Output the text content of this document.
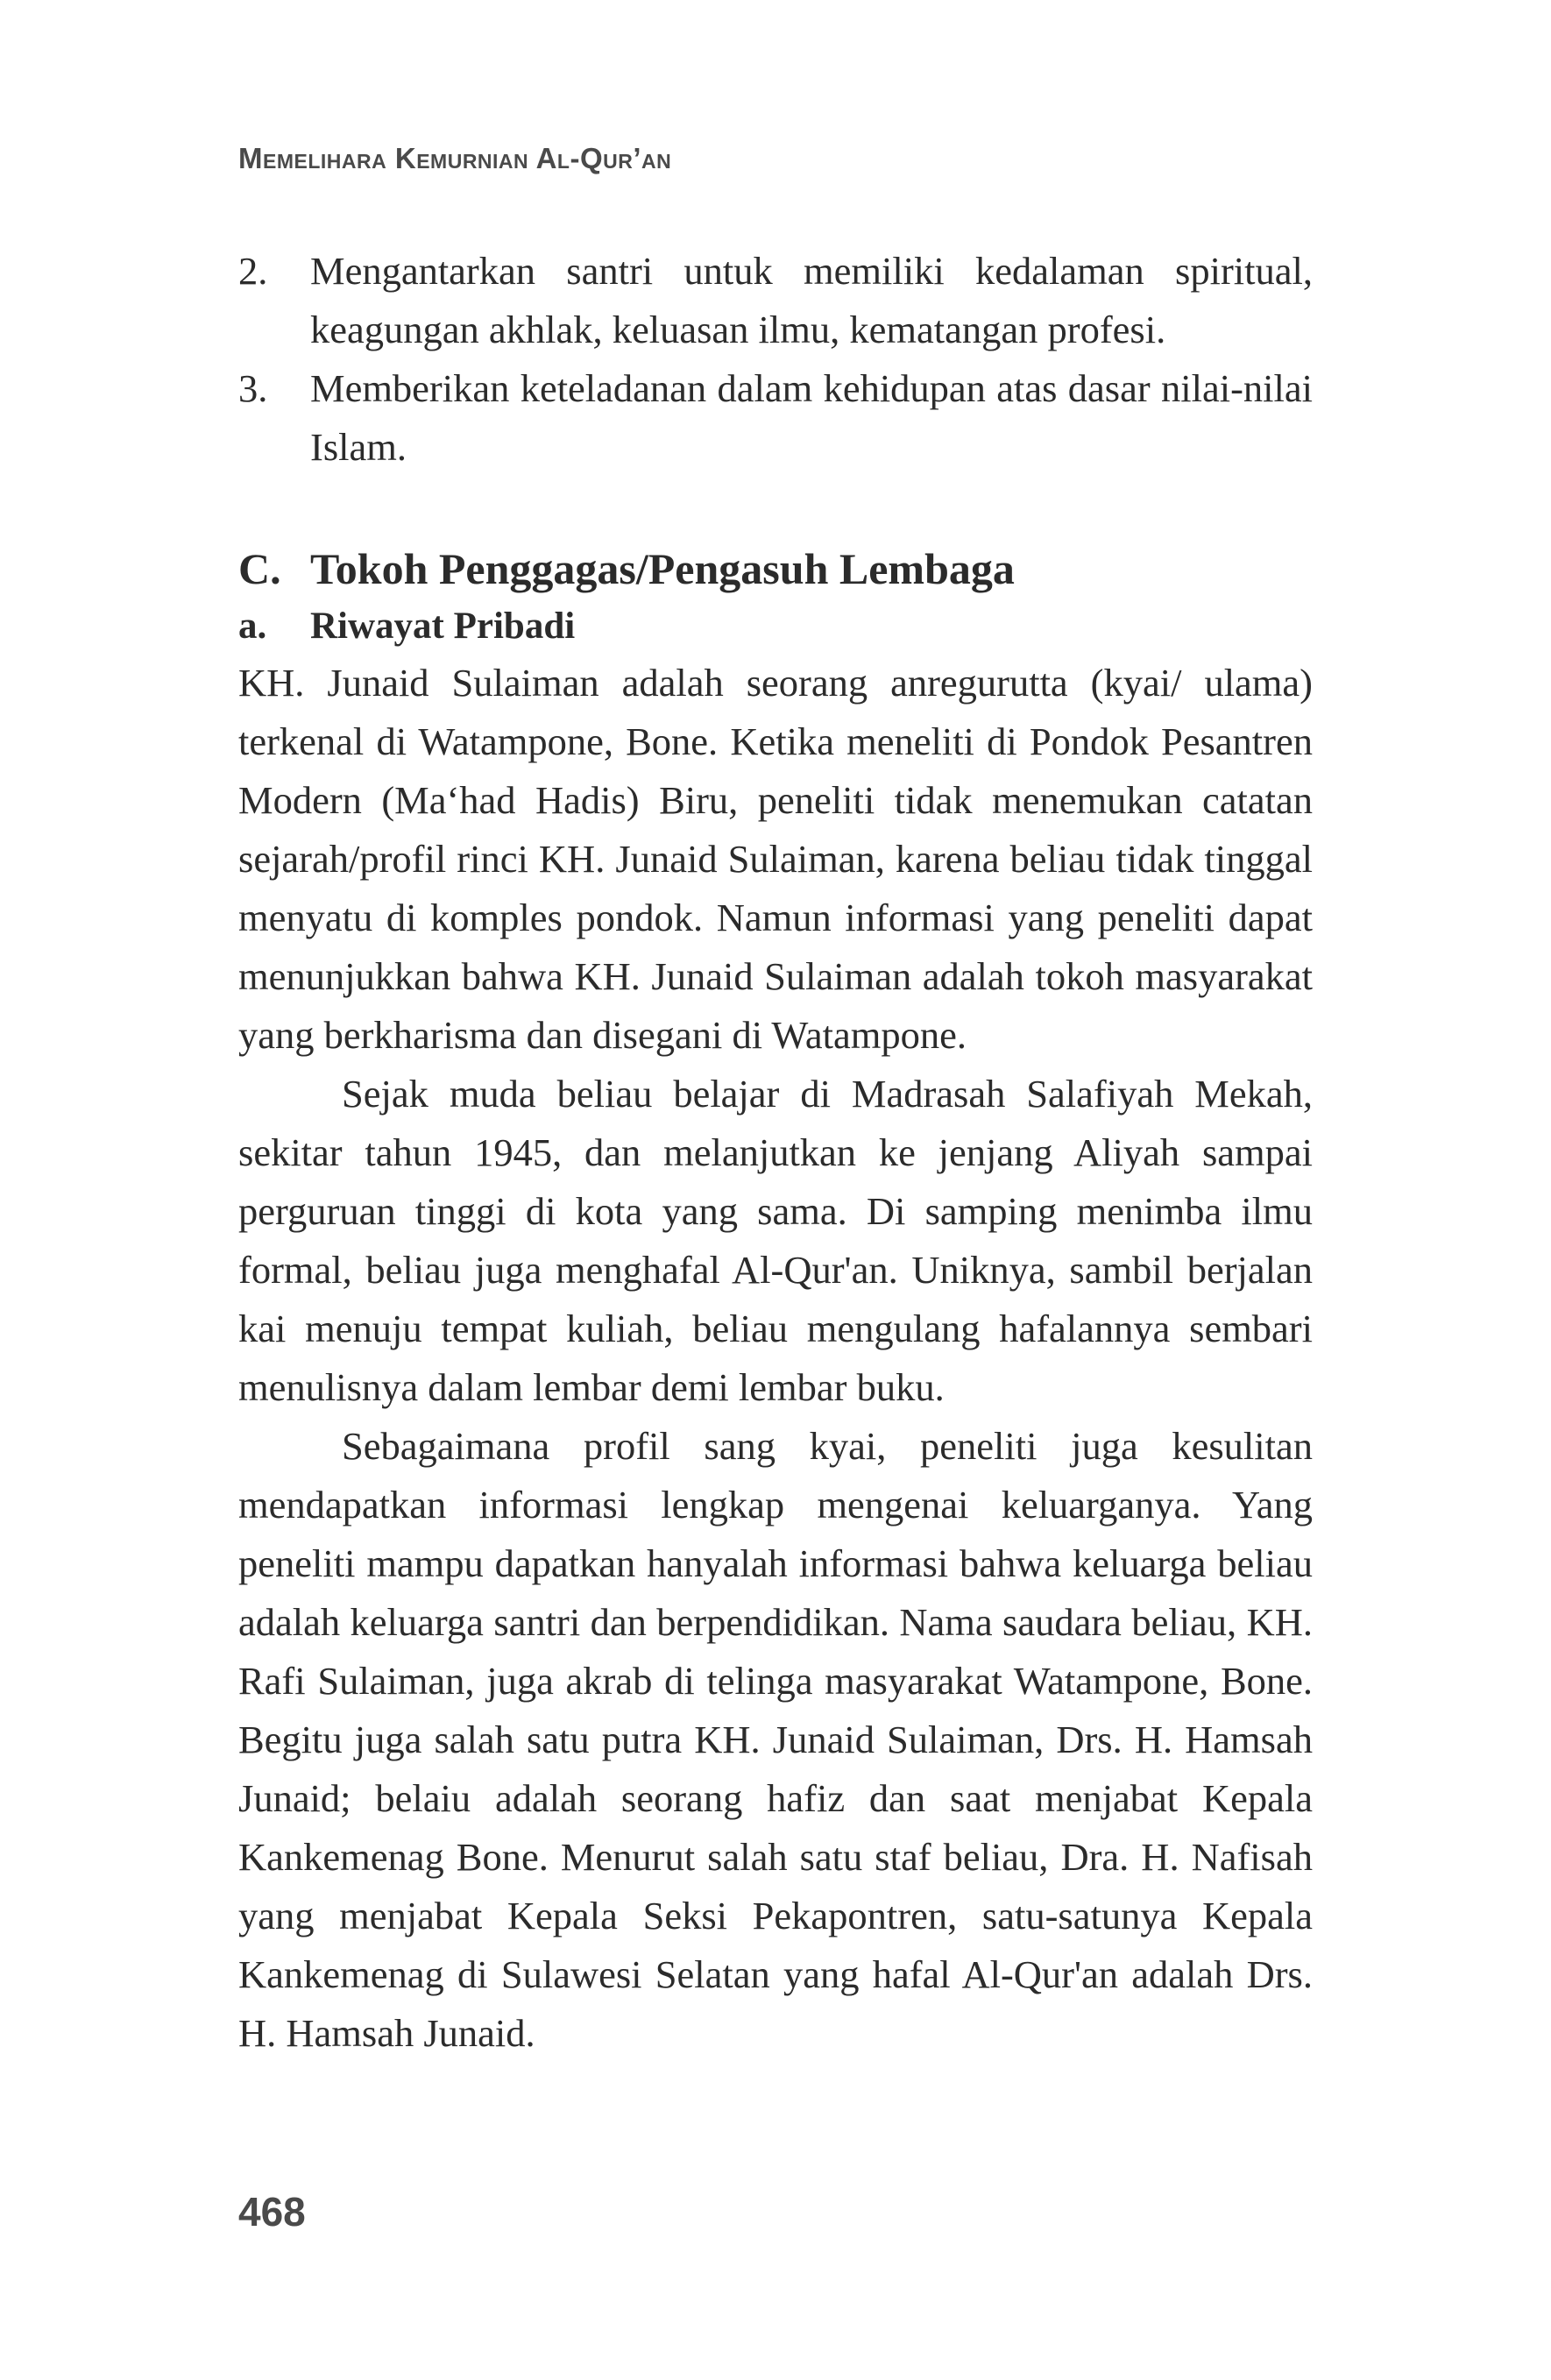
Memelihara Kemurnian Al-Qur’an
2.	Mengantarkan santri untuk memiliki kedalaman spiritual, keagungan akhlak, keluasan ilmu, kematangan profesi.
3.	Memberikan keteladanan dalam kehidupan atas dasar nilai-nilai Islam.
C. Tokoh Penggagas/Pengasuh Lembaga
a. Riwayat Pribadi

KH. Junaid Sulaiman adalah seorang anregurutta (kyai/ ulama) terkenal di Watampone, Bone. Ketika meneliti di Pondok Pesantren Modern (Ma‘had Hadis) Biru, peneliti tidak menemukan catatan sejarah/profil rinci KH. Junaid Sulaiman, karena beliau tidak tinggal menyatu di komples pondok. Namun informasi yang peneliti dapat menunjukkan bahwa KH. Junaid Sulaiman adalah tokoh masyarakat yang berkharisma dan disegani di Watampone.

Sejak muda beliau belajar di Madrasah Salafiyah Mekah, sekitar tahun 1945, dan melanjutkan ke jenjang Aliyah sampai perguruan tinggi di kota yang sama. Di samping menimba ilmu formal, beliau juga menghafal Al-Qur'an. Uniknya, sambil berjalan kai menuju tempat kuliah, beliau mengulang hafalannya sembari menulisnya dalam lembar demi lembar buku.

Sebagaimana profil sang kyai, peneliti juga kesulitan mendapatkan informasi lengkap mengenai keluarganya. Yang peneliti mampu dapatkan hanyalah informasi bahwa keluarga beliau adalah keluarga santri dan berpendidikan. Nama saudara beliau, KH. Rafi Sulaiman, juga akrab di telinga masyarakat Watampone, Bone. Begitu juga salah satu putra KH. Junaid Sulaiman, Drs. H. Hamsah Junaid; belaiu adalah seorang hafiz dan saat menjabat Kepala Kankemenag Bone. Menurut salah satu staf beliau, Dra. H. Nafisah yang menjabat Kepala Seksi Pekapontren, satu-satunya Kepala Kankemenag di Sulawesi Selatan yang hafal Al-Qur'an adalah Drs. H. Hamsah Junaid.

468
